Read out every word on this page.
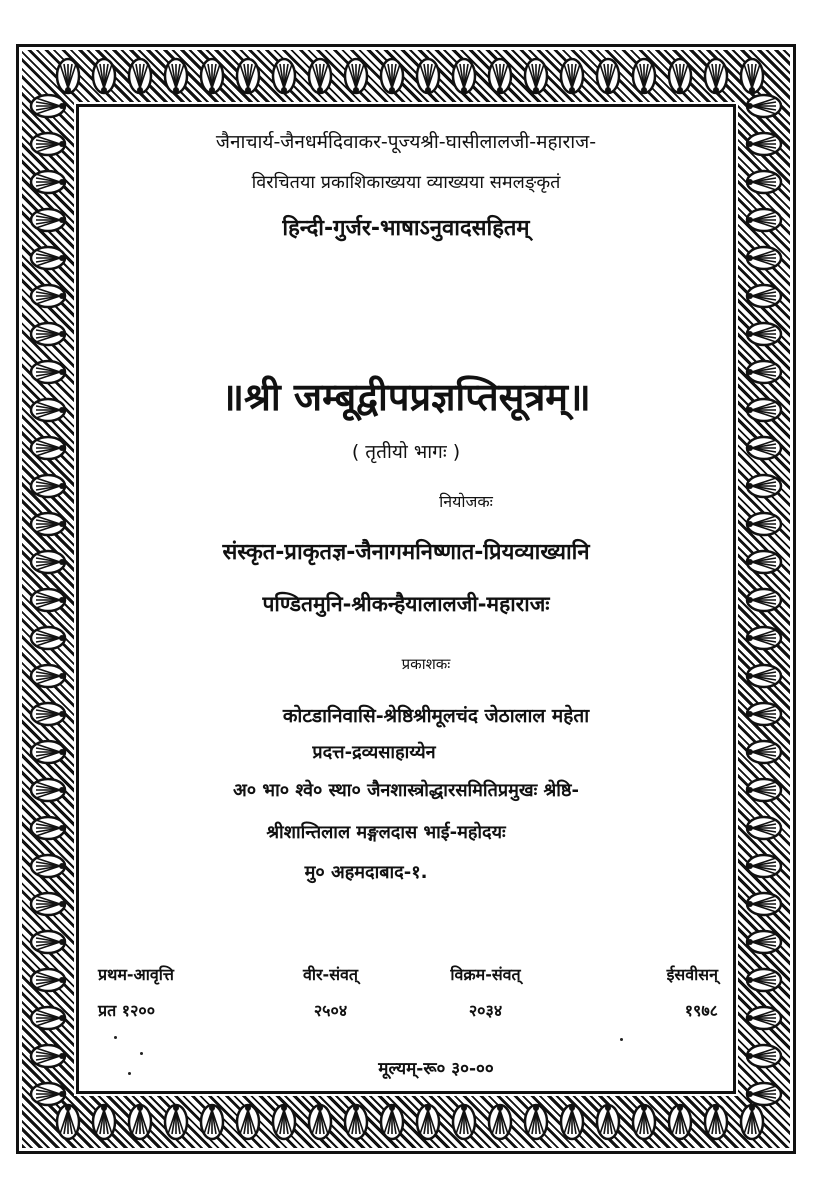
जैनाचार्य-जैनधर्मदिवाकर-पूज्यश्री-घासीलालजी-महाराज-
विरचितया प्रकाशिकाख्यया व्याख्यया समलङ्कृतं
हिन्दी-गुर्जर-भाषाऽनुवादसहितम्
॥श्री जम्बूद्वीपप्रज्ञप्तिसूत्रम्॥
( तृतीयो भागः )
नियोजकः
संस्कृत-प्राकृतज्ञ-जैनागमनिष्णात-प्रियव्याख्यानि
पण्डितमुनि-श्रीकन्हैयालालजी-महाराजः
प्रकाशकः
कोटडानिवासि-श्रेष्ठिश्रीमूलचंद जेठालाल महेता
प्रदत्त-द्रव्यसाहाय्येन
अ० भा० श्वे० स्था० जैनशास्त्रोद्धारसमितिप्रमुखः श्रेष्ठि-
श्रीशान्तिलाल मङ्गलदास भाई-महोदयः
मु० अहमदाबाद-१.
प्रथम-आवृत्ति	वीर-संवत्	विक्रम-संवत्	ईसवीसन्
प्रत १२००	२५०४	२०३४	१९७८
मूल्यम्-रू० ३०-००
